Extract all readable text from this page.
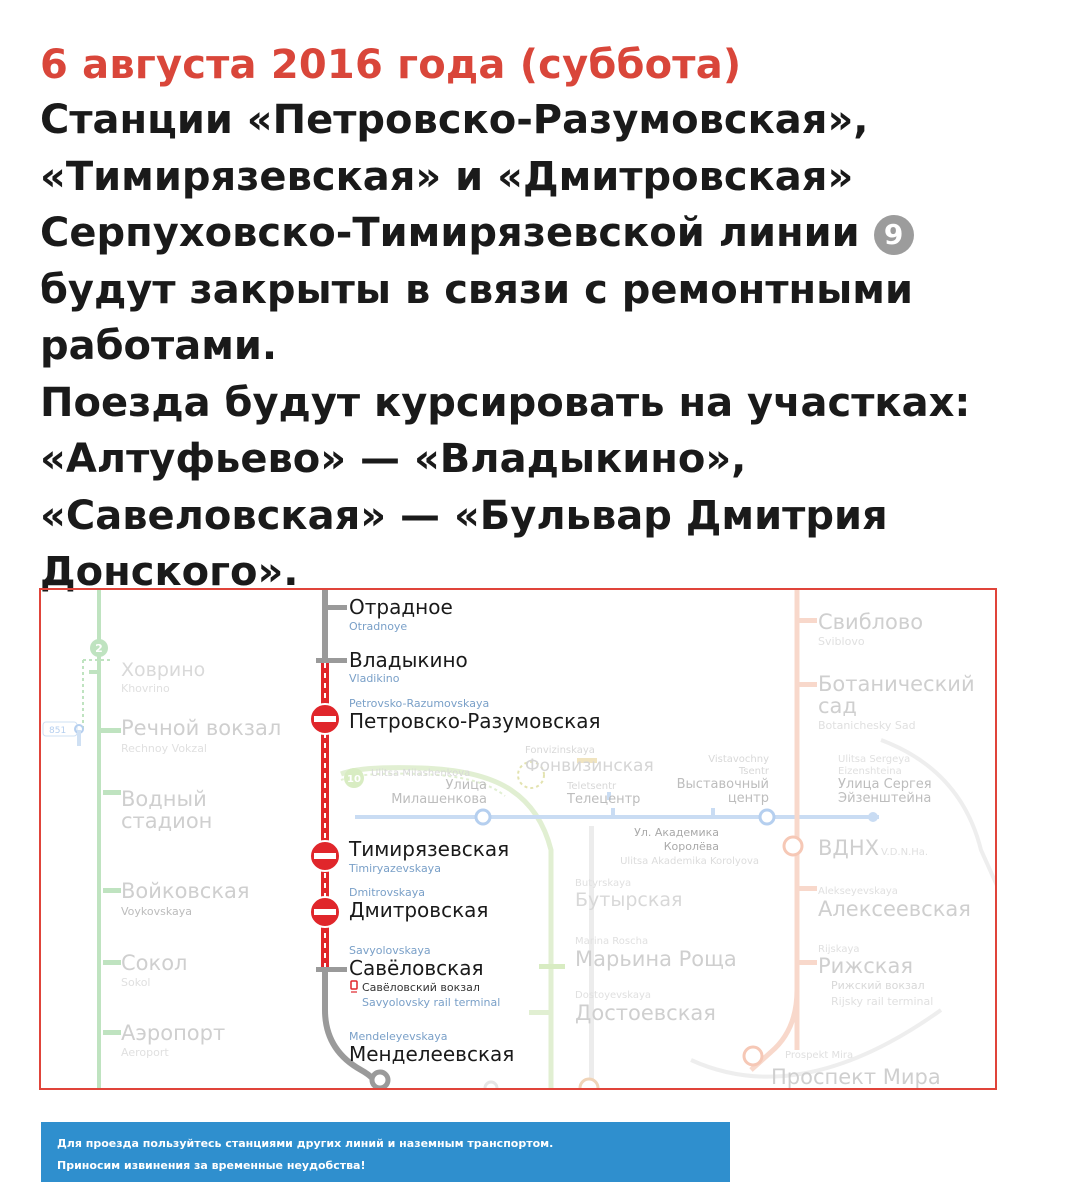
6 августа 2016 года (суббота)

Станции «Петровско-Разумовская»,

«Тимирязевская» и «Дмитровская»

Серпуховско-Тимирязевской линии 9

будут закрыты в связи с ремонтными

работами.

Поезда будут курсировать на участках:

«Алтуфьево» — «Владыкино»,

«Савеловская» — «Бульвар Дмитрия Донского».

2
851
10
Ховрино
Khovrino
Речной вокзал
Rechnoy Vokzal
Водный
стадион
Войковская
Voykovskaya
Сокол
Sokol
Аэропорт
Aeroport
Отрадное
Otradnoye
Владыкино
Vladikino
Petrovsko-Razumovskaya
Петровско-Разумовская
Тимирязевская
Timiryazevskaya
Dmitrovskaya
Дмитровская
Savyolovskaya
Савёловская
Савёловский вокзал
Savyolovsky rail terminal
Mendeleyevskaya
Менделеевская
Ulitsa Milashenkova
Улица
Милашенкова
Fonvizinskaya
Фонвизинская
Teletsentr
Телецентр
Vistavochny
Tsentr
Выставочный
центр
Ул. Академика
Королёва
Ulitsa Akademika Korolyova
Butyrskaya
Бутырская
Marina Roscha
Марьина Роща
Dostoyevskaya
Достоевская
Свиблово
Sviblovo
Ботанический
сад
Botanichesky Sad
Ulitsa Sergeya
Eizenshteina
Улица Сергея
Эйзенштейна
ВДНХ V.D.N.Ha.
Alekseyevskaya
Алексеевская
Rijskaya
Рижская
Рижский вокзал
Rijsky rail terminal
Prospekt Mira
Проспект Мира
Для проезда пользуйтесь станциями других линий и наземным транспортом.
Приносим извинения за временные неудобства!
